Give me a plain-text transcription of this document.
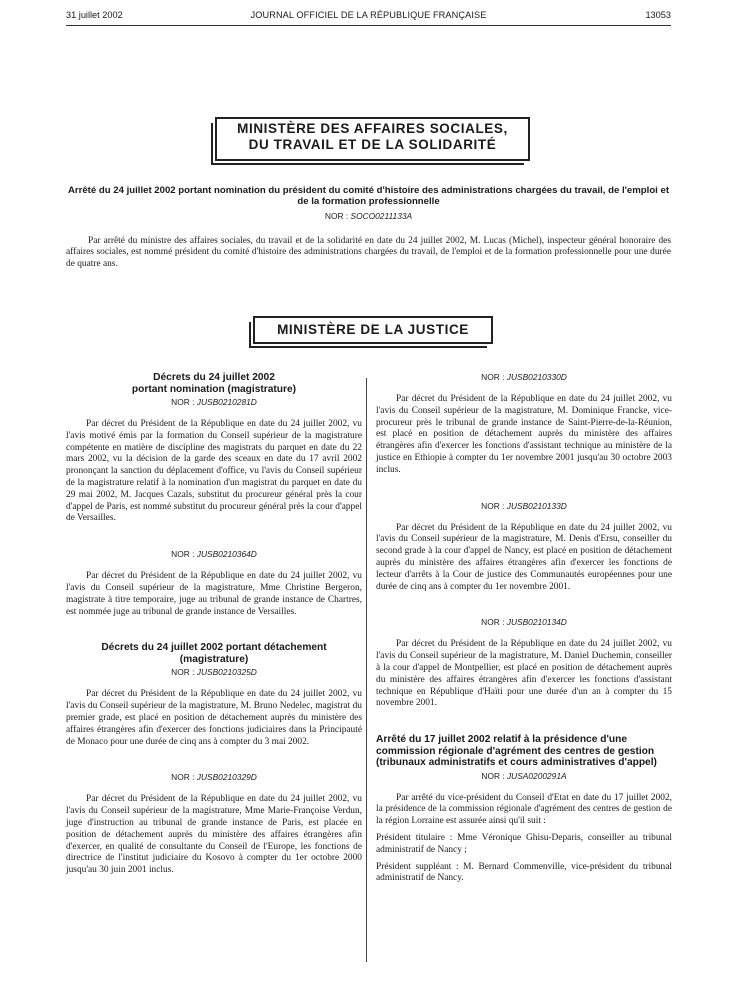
31 juillet 2002	JOURNAL OFFICIEL DE LA RÉPUBLIQUE FRANÇAISE	13053
MINISTÈRE DES AFFAIRES SOCIALES,
DU TRAVAIL ET DE LA SOLIDARITÉ
Arrêté du 24 juillet 2002 portant nomination du président du comité d'histoire des administrations chargées du travail, de l'emploi et de la formation professionnelle
NOR : SOCO0211133A
Par arrêté du ministre des affaires sociales, du travail et de la solidarité en date du 24 juillet 2002, M. Lucas (Michel), inspecteur général honoraire des affaires sociales, est nommé président du comité d'histoire des administrations chargées du travail, de l'emploi et de la formation professionnelle pour une durée de quatre ans.
MINISTÈRE DE LA JUSTICE
Décrets du 24 juillet 2002
portant nomination (magistrature)
NOR : JUSB0210281D

Par décret du Président de la République en date du 24 juillet 2002, vu l'avis motivé émis par la formation du Conseil supérieur de la magistrature compétente en matière de discipline des magistrats du parquet en date du 22 mars 2002, vu la décision de la garde des sceaux en date du 17 avril 2002 prononçant la sanction du déplacement d'office, vu l'avis du Conseil supérieur de la magistrature relatif à la nomination d'un magistrat du parquet en date du 29 mai 2002, M. Jacques Cazals, substitut du procureur général près la cour d'appel de Paris, est nommé substitut du procureur général près la cour d'appel de Versailles.

NOR : JUSB0210364D

Par décret du Président de la République en date du 24 juillet 2002, vu l'avis du Conseil supérieur de la magistrature, Mme Christine Bergeron, magistrate à titre temporaire, juge au tribunal de grande instance de Chartres, est nommée juge au tribunal de grande instance de Versailles.

Décrets du 24 juillet 2002 portant détachement
(magistrature)
NOR : JUSB0210325D

Par décret du Président de la République en date du 24 juillet 2002, vu l'avis du Conseil supérieur de la magistrature, M. Bruno Nedelec, magistrat du premier grade, est placé en position de détachement auprès du ministère des affaires étrangères afin d'exercer des fonctions judiciaires dans la Principauté de Monaco pour une durée de cinq ans à compter du 3 mai 2002.

NOR : JUSB0210329D

Par décret du Président de la République en date du 24 juillet 2002, vu l'avis du Conseil supérieur de la magistrature, Mme Marie-Françoise Verdun, juge d'instruction au tribunal de grande instance de Paris, est placée en position de détachement auprès du ministère des affaires étrangères afin d'exercer, en qualité de consultante du Conseil de l'Europe, les fonctions de directrice de l'institut judiciaire du Kosovo à compter du 1er octobre 2000 jusqu'au 30 juin 2001 inclus.

NOR : JUSB0210330D

Par décret du Président de la République en date du 24 juillet 2002, vu l'avis du Conseil supérieur de la magistrature, M. Dominique Francke, vice-procureur près le tribunal de grande instance de Saint-Pierre-de-la-Réunion, est placé en position de détachement auprès du ministère des affaires étrangères afin d'exercer les fonctions d'assistant technique au ministère de la justice en Ethiopie à compter du 1er novembre 2001 jusqu'au 30 octobre 2003 inclus.

NOR : JUSB0210133D

Par décret du Président de la République en date du 24 juillet 2002, vu l'avis du Conseil supérieur de la magistrature, M. Denis d'Ersu, conseiller du second grade à la cour d'appel de Nancy, est placé en position de détachement auprès du ministère des affaires étrangères afin d'exercer les fonctions de lecteur d'arrêts à la Cour de justice des Communautés européennes pour une durée de cinq ans à compter du 1er novembre 2001.

NOR : JUSB0210134D

Par décret du Président de la République en date du 24 juillet 2002, vu l'avis du Conseil supérieur de la magistrature, M. Daniel Duchemin, conseiller à la cour d'appel de Montpellier, est placé en position de détachement auprès du ministère des affaires étrangères afin d'exercer les fonctions d'assistant technique en République d'Haïti pour une durée d'un an à compter du 15 novembre 2001.

Arrêté du 17 juillet 2002 relatif à la présidence d'une commission régionale d'agrément des centres de gestion (tribunaux administratifs et cours administratives d'appel)
NOR : JUSA0200291A

Par arrêté du vice-président du Conseil d'Etat en date du 17 juillet 2002, la présidence de la commission régionale d'agrément des centres de gestion de la région Lorraine est assurée ainsi qu'il suit :

Président titulaire : Mme Véronique Ghisu-Deparis, conseiller au tribunal administratif de Nancy ;

Président suppléant : M. Bernard Commenville, vice-président du tribunal administratif de Nancy.
